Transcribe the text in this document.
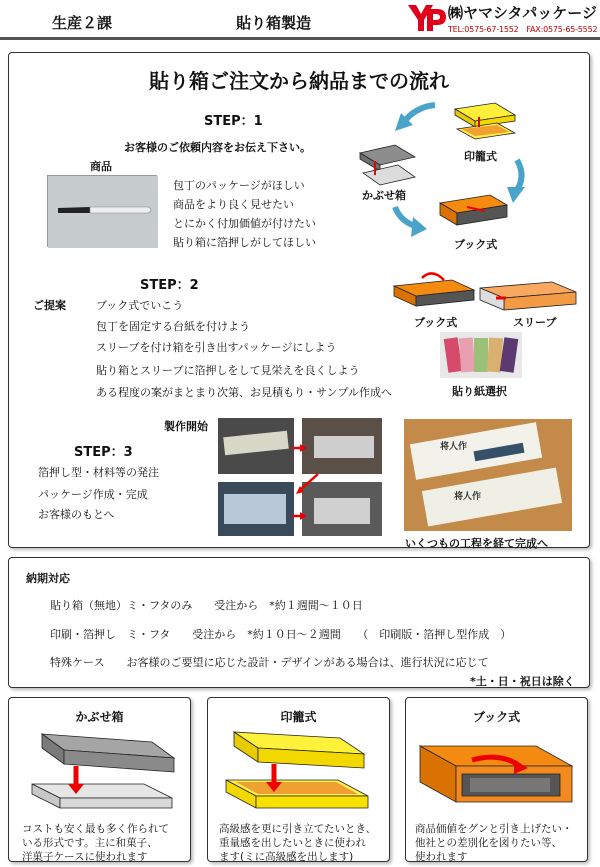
生産２課	貼り箱製造
㈱ヤマシタパッケージ
TEL:0575-67-1552　FAX:0575-65-5552
貼り箱ご注文から納品までの流れ
STEP：1
お客様のご依頼内容をお伝え下さい。
商品
包丁のパッケージがほしい
商品をより良く見せたい
とにかく付加価値が付けたい
貼り箱に箔押しがしてほしい
印籠式
かぶせ箱
ブック式
STEP：2
ご提案	ブック式でいこう
包丁を固定する台紙を付けよう
スリーブを付け箱を引き出すパッケージにしよう
貼り箱とスリーブに箔押しをして見栄えを良くしよう
ある程度の案がまとまり次第、お見積もり・サンプル作成へ
ブック式	スリーブ
貼り紙選択
製作開始
STEP：3
箔押し型・材料等の発注
パッケージ作成・完成
お客様のもとへ
将人作
将人作
いくつもの工程を経て完成へ
納期対応
貼り箱（無地）ミ・フタのみ　　受注から　*約１週間～１０日
印刷・箔押し　ミ・フタ　　受注から　*約１０日～２週間　　（　印刷版・箔押し型作成　）
特殊ケース　　お客様のご要望に応じた設計・デザインがある場合は、進行状況に応じて
*土・日・祝日は除く
かぶせ箱
コストも安く最も多く作られて
いる形式です。主に和菓子、
洋菓子ケースに使われます
印籠式
高級感を更に引き立てたいとき、
重量感を出したいときに使われ
ます(ミに高級感を出します)
ブック式
商品価値をグンと引き上げたい・
他社との差別化を図りたい等、
使われます
